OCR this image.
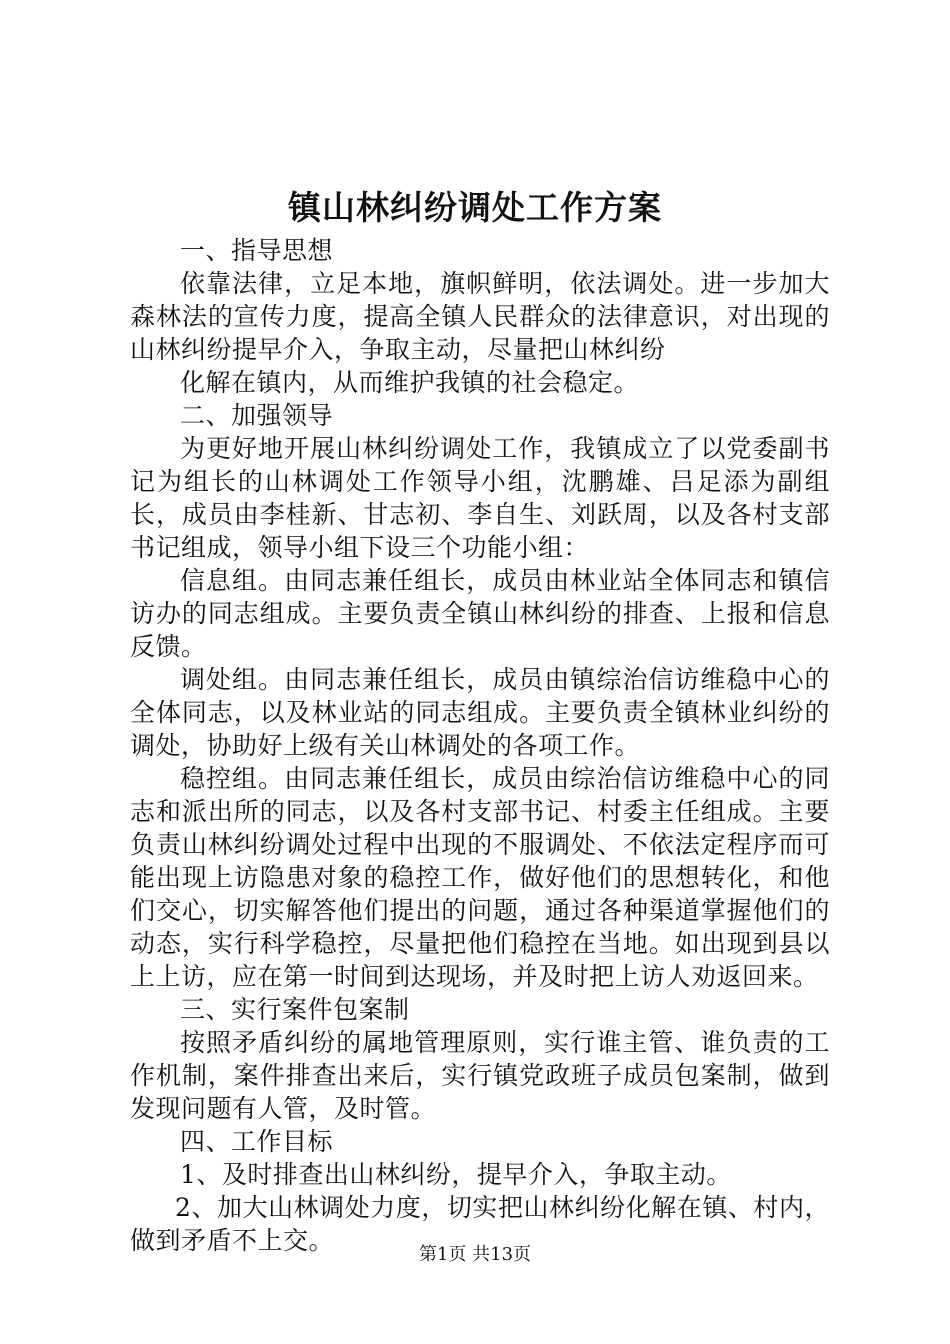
镇山林纠纷调处工作方案

一、指导思想

依靠法律，立足本地，旗帜鲜明，依法调处。进一步加大森林法的宣传力度，提高全镇人民群众的法律意识，对出现的山林纠纷提早介入，争取主动，尽量把山林纠纷

化解在镇内，从而维护我镇的社会稳定。

二、加强领导

为更好地开展山林纠纷调处工作，我镇成立了以党委副书记为组长的山林调处工作领导小组，沈鹏雄、吕足添为副组长，成员由李桂新、甘志初、李自生、刘跃周，以及各村支部书记组成，领导小组下设三个功能小组：

信息组。由同志兼任组长，成员由林业站全体同志和镇信访办的同志组成。主要负责全镇山林纠纷的排查、上报和信息反馈。

调处组。由同志兼任组长，成员由镇综治信访维稳中心的全体同志，以及林业站的同志组成。主要负责全镇林业纠纷的调处，协助好上级有关山林调处的各项工作。

稳控组。由同志兼任组长，成员由综治信访维稳中心的同志和派出所的同志，以及各村支部书记、村委主任组成。主要负责山林纠纷调处过程中出现的不服调处、不依法定程序而可能出现上访隐患对象的稳控工作，做好他们的思想转化，和他们交心，切实解答他们提出的问题，通过各种渠道掌握他们的动态，实行科学稳控，尽量把他们稳控在当地。如出现到县以上上访，应在第一时间到达现场，并及时把上访人劝返回来。

三、实行案件包案制

按照矛盾纠纷的属地管理原则，实行谁主管、谁负责的工作机制，案件排查出来后，实行镇党政班子成员包案制，做到发现问题有人管，及时管。

四、工作目标

1、及时排查出山林纠纷，提早介入，争取主动。

2、加大山林调处力度，切实把山林纠纷化解在镇、村内，做到矛盾不上交。	第1页 共13页
